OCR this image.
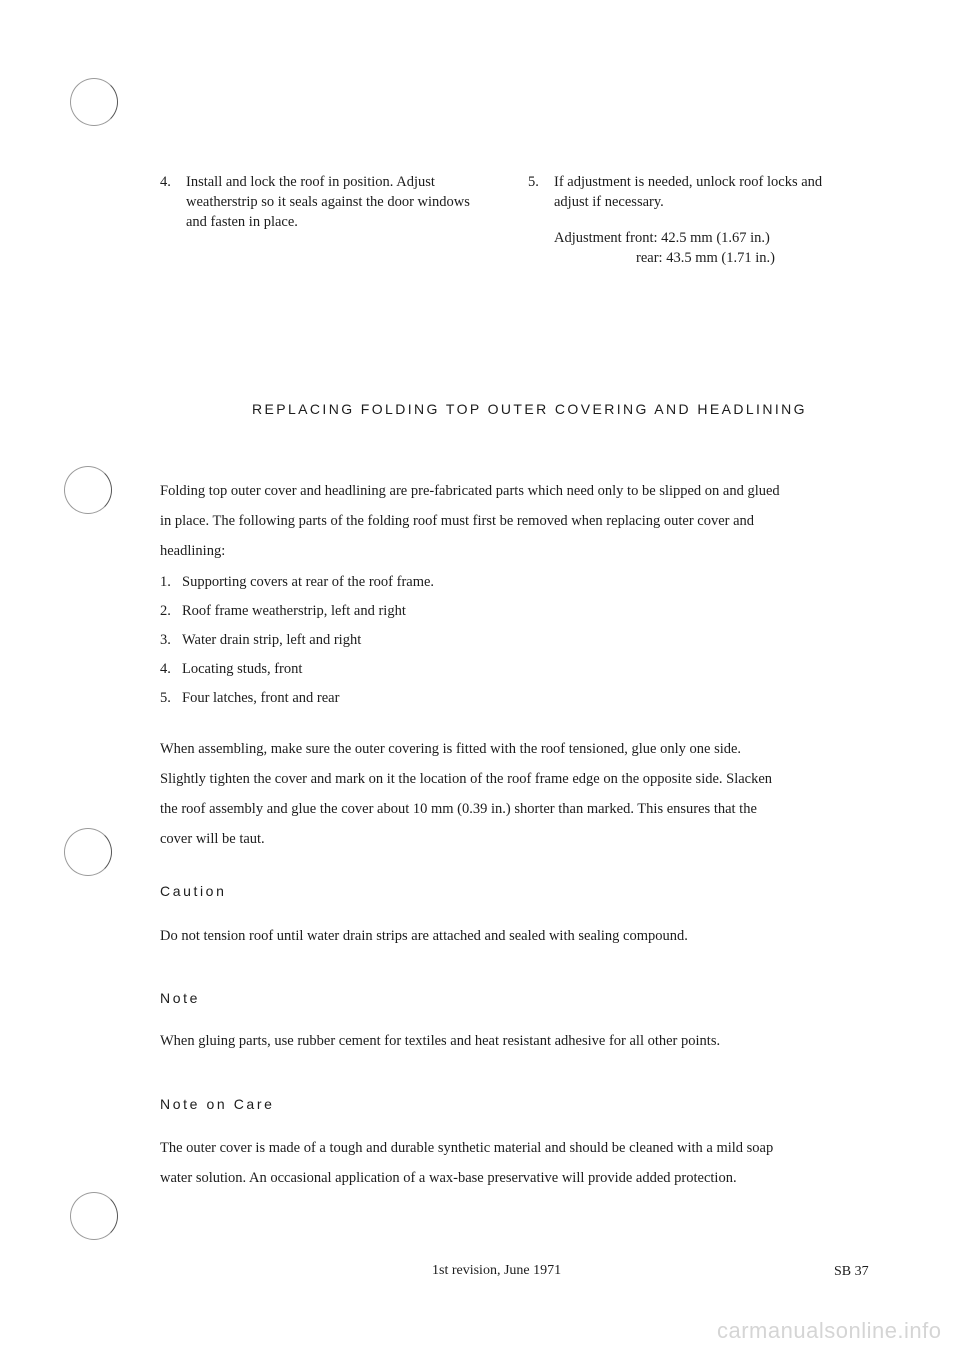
4.	Install and lock the roof in position. Adjust

weatherstrip so it seals against the door windows

and fasten in place.

5.	If adjustment is needed, unlock roof locks and

adjust if necessary.

Adjustment front: 42.5 mm (1.67 in.)
rear: 43.5 mm (1.71 in.)
REPLACING FOLDING TOP OUTER COVERING AND HEADLINING
Folding top outer cover and headlining are pre-fabricated parts which need only to be slipped on and glued
in place. The following parts of the folding roof must first be removed when replacing outer cover and
headlining:
1. Supporting covers at rear of the roof frame.
2. Roof frame weatherstrip, left and right
3. Water drain strip, left and right
4. Locating studs, front
5. Four latches, front and rear
When assembling, make sure the outer covering is fitted with the roof tensioned, glue only one side.
Slightly tighten the cover and mark on it the location of the roof frame edge on the opposite side. Slacken
the roof assembly and glue the cover about 10 mm (0.39 in.) shorter than marked. This ensures that the
cover will be taut.
Caution
Do not tension roof until water drain strips are attached and sealed with sealing compound.
Note
When gluing parts, use rubber cement for textiles and heat resistant adhesive for all other points.
Note on Care
The outer cover is made of a tough and durable synthetic material and should be cleaned with a mild soap
water solution. An occasional application of a wax-base preservative will provide added protection.
1st revision, June 1971	SB 37
carmanualsonline.info
